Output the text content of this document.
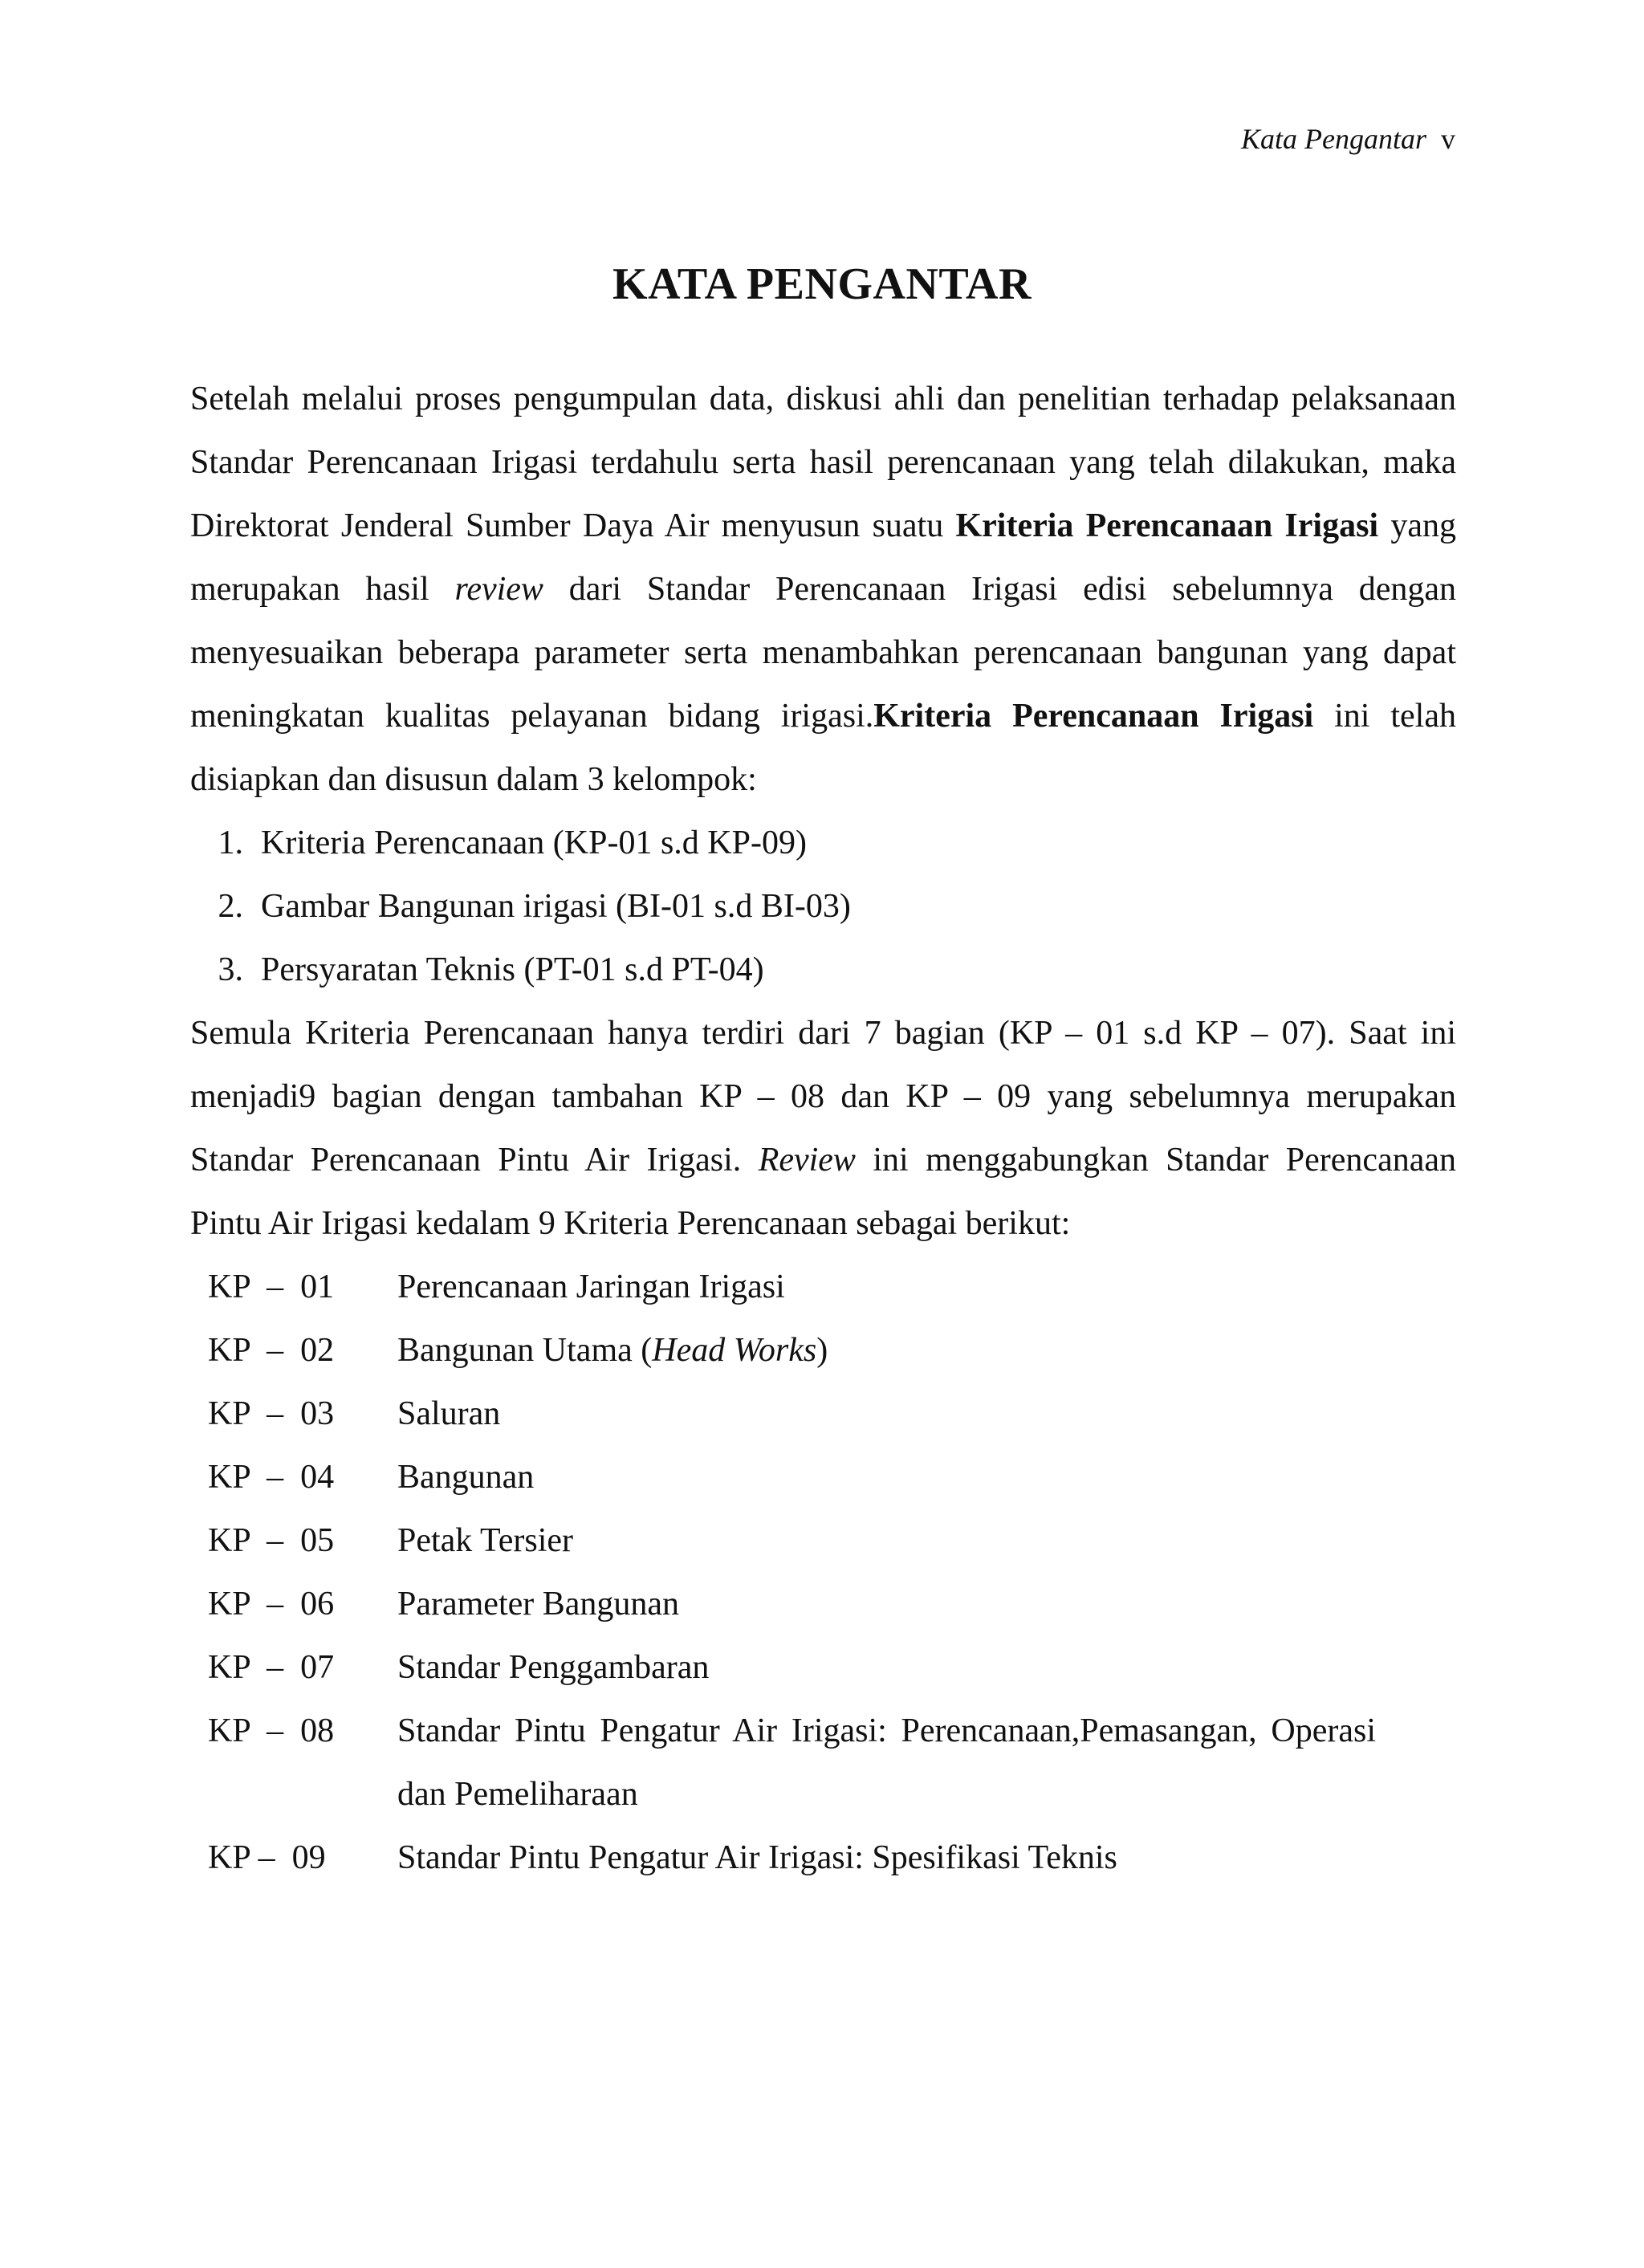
Kata Pengantar v
KATA PENGANTAR

Setelah melalui proses pengumpulan data, diskusi ahli dan penelitian terhadap pelaksanaan Standar Perencanaan Irigasi terdahulu serta hasil perencanaan yang telah dilakukan, maka Direktorat Jenderal Sumber Daya Air menyusun suatu Kriteria Perencanaan Irigasi yang merupakan hasil review dari Standar Perencanaan Irigasi edisi sebelumnya dengan menyesuaikan beberapa parameter serta menambahkan perencanaan bangunan yang dapat meningkatan kualitas pelayanan bidang irigasi.Kriteria Perencanaan Irigasi ini telah disiapkan dan disusun dalam 3 kelompok:

1. Kriteria Perencanaan (KP-01 s.d KP-09)
2. Gambar Bangunan irigasi (BI-01 s.d BI-03)
3. Persyaratan Teknis (PT-01 s.d PT-04)

Semula Kriteria Perencanaan hanya terdiri dari 7 bagian (KP – 01 s.d KP – 07). Saat ini menjadi9 bagian dengan tambahan KP – 08 dan KP – 09 yang sebelumnya merupakan Standar Perencanaan Pintu Air Irigasi. Review ini menggabungkan Standar Perencanaan Pintu Air Irigasi kedalam 9 Kriteria Perencanaan sebagai berikut:

KP  –  01	Perencanaan Jaringan Irigasi
KP  –  02	Bangunan Utama (Head Works)
KP  –  03	Saluran
KP  –  04	Bangunan
KP  –  05	Petak Tersier
KP  –  06	Parameter Bangunan
KP  –  07	Standar Penggambaran
KP  –  08	Standar Pintu Pengatur Air Irigasi: Perencanaan,Pemasangan, Operasi dan Pemeliharaan
KP –  09	Standar Pintu Pengatur Air Irigasi: Spesifikasi Teknis
